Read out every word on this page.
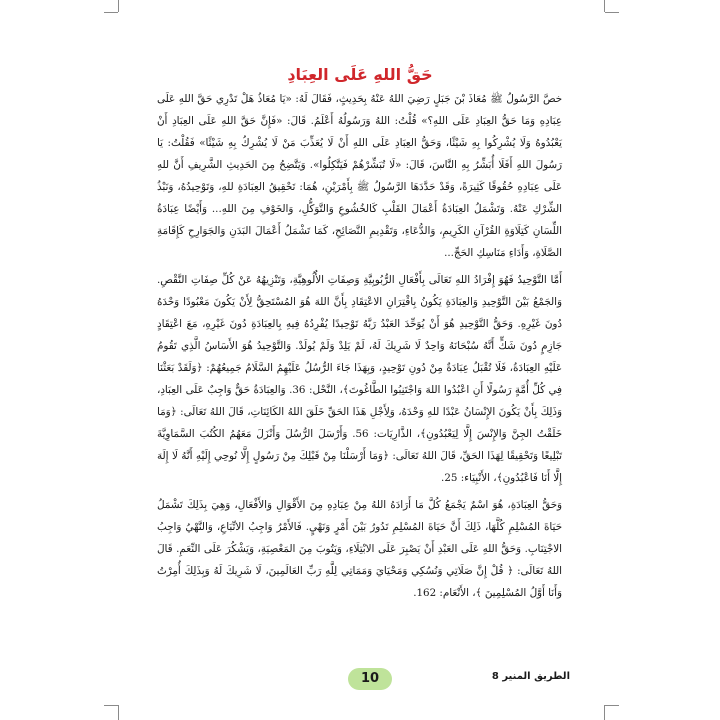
حَقُّ اللهِ عَلَى العِبَادِ

خصَّ الرَّسُولُ ﷺ مُعَاذَ بْنَ جَبَلٍ رَضِيَ اللهُ عَنْهُ بِحَدِيثٍ، فَقَالَ لَهُ: «يَا مُعَاذُ هَلْ تَدْرِي حَقَّ اللهِ عَلَى عِبَادِهِ وَمَا حَقُّ العِبَادِ عَلَى اللهِ؟» قُلْتُ: اللهُ وَرَسُولُهُ أَعْلَمُ. قَالَ: «فَإِنَّ حَقَّ اللهِ عَلَى العِبَادِ أَنْ يَعْبُدُوهُ وَلَا يُشْرِكُوا بِهِ شَيْئًا، وَحَقُّ العِبَادِ عَلَى اللهِ أَنْ لَا يُعَذِّبَ مَنْ لَا يُشْرِكُ بِهِ شَيْئًا» فَقُلْتُ: يَا رَسُولَ اللهِ أَفَلَا أُبَشِّرُ بِهِ النَّاسَ، قَالَ: «لَا تُبَشِّرْهُمْ فَيَتَّكِلُوا». وَيَتَّضِحُ مِنَ الحَدِيثِ الشَّرِيفِ أَنَّ للهِ عَلَى عِبَادِهِ حُقُوقًا كَثِيرَةً، وَقَدْ حَدَّدَهَا الرَّسُولُ ﷺ بِأَمْرَيْنِ، هُمَا: تَحْقِيقُ العِبَادَةِ للهِ، وَتَوْحِيدُهُ، وَنَبْذُ الشِّرْكِ عَنْهُ. وَتَشْمَلُ العِبَادَةُ أَعْمَالَ القَلْبِ كَالخُشُوعِ وَالتَّوَكُّلِ، وَالخَوْفِ مِنَ اللهِ... وَأَيْضًا عِبَادَةُ اللِّسَانِ كَتِلَاوَةِ القُرْآنِ الكَرِيمِ، وَالدُّعَاءِ، وَتَقْدِيمِ النَّصَائِحِ، كَمَا تَشْمَلُ أَعْمَالَ البَدَنِ وَالجَوَارِحِ كَإِقَامَةِ الصَّلَاةِ، وَأَدَاءِ مَنَاسِكِ الحَجِّ...

أَمَّا التَّوْحِيدُ فَهُوَ إِفْرَادُ اللهِ تَعَالَى بِأَفْعَالِ الرُّبُوبِيَّةِ وَصِفَاتِ الأُلُوهِيَّةِ، وَتَنْزِيهُهُ عَنْ كُلِّ صِفَاتِ النَّقْصِ. وَالجَمْعُ بَيْنَ التَّوْحِيدِ وَالعِبَادَةِ يَكُونُ بِاقْتِرَانِ الاعْتِقَادِ بِأَنَّ اللهَ هُوَ المُسْتَحِقُّ لِأَنْ يَكُونَ مَعْبُودًا وَحْدَهُ دُونَ غَيْرِهِ. وَحَقُّ التَّوْحِيدِ هُوَ أَنْ يُوَحِّدَ العَبْدُ رَبَّهُ تَوْحِيدًا يُفْرِدُهُ فِيهِ بِالعِبَادَةِ دُونَ غَيْرِهِ، مَعَ اعْتِقَادٍ جَازِمٍ دُونَ شَكٍّ أَنَّهُ سُبْحَانَهُ وَاحِدٌ لَا شَرِيكَ لَهُ، لَمْ يَلِدْ وَلَمْ يُولَدْ. وَالتَّوْحِيدُ هُوَ الأَسَاسُ الَّذِي تَقُومُ عَلَيْهِ العِبَادَةُ، فَلَا تُقْبَلُ عِبَادَةٌ مِنْ دُونِ تَوْحِيدٍ، وَبِهَذَا جَاءَ الرُّسُلُ عَلَيْهِمُ السَّلَامُ جَمِيعُهُمْ: ﴿وَلَقَدْ بَعَثْنَا فِي كُلِّ أُمَّةٍ رَسُولًا أَنِ اعْبُدُوا اللهَ وَاجْتَنِبُوا الطَّاغُوتَ﴾، النَّحْل: 36. وَالعِبَادَةُ حَقٌّ وَاجِبٌ عَلَى العِبَادِ، وَذَلِكَ بِأَنْ يَكُونَ الإِنْسَانُ عَبْدًا للهِ وَحْدَهُ، وَلِأَجْلِ هَذَا الحَقِّ خَلَقَ اللهُ الكَائِنَاتِ، قَالَ اللهُ تَعَالَى: ﴿وَمَا خَلَقْتُ الجِنَّ وَالإِنْسَ إِلَّا لِيَعْبُدُونِ﴾، الذَّارِيَات: 56. وَأَرْسَلَ الرُّسُلَ وَأَنْزَلَ مَعَهُمُ الكُتُبَ السَّمَاوِيَّةَ تَبْلِيغًا وَتَحْقِيقًا لِهَذَا الحَقِّ، قَالَ اللهُ تَعَالَى: ﴿وَمَا أَرْسَلْنَا مِنْ قَبْلِكَ مِنْ رَسُولٍ إِلَّا نُوحِي إِلَيْهِ أَنَّهُ لَا إِلَهَ إِلَّا أَنَا فَاعْبُدُونِ﴾، الأَنْبِيَاء: 25.

وَحَقُّ العِبَادَةِ، هُوَ اسْمٌ يَجْمَعُ كُلَّ مَا أَرَادَهُ اللهُ مِنْ عِبَادِهِ مِنَ الأَقْوَالِ وَالأَفْعَالِ، وَهِيَ بِذَلِكَ تَشْمَلُ حَيَاةَ المُسْلِمِ كُلَّهَا، ذَلِكَ أَنَّ حَيَاةَ المُسْلِمِ تَدُورُ بَيْنَ أَمْرٍ وَنَهْيٍ. فَالأَمْرُ وَاجِبُ الاتِّبَاعِ، وَالنَّهْيُ وَاجِبُ الاجْتِنَابِ. وَحَقُّ اللهِ عَلَى العَبْدِ أَنْ يَصْبِرَ عَلَى الابْتِلَاءِ، وَيَتُوبَ مِنَ المَعْصِيَةِ، وَيَشْكُرَ عَلَى النِّعَمِ. قَالَ اللهُ تَعَالَى: ﴿ قُلْ إِنَّ صَلَاتِي وَنُسُكِي وَمَحْيَايَ وَمَمَاتِي لِلَّهِ رَبِّ العَالَمِينَ، لَا شَرِيكَ لَهُ وَبِذَلِكَ أُمِرْتُ وَأَنَا أَوَّلُ المُسْلِمِينَ ﴾، الأَنْعَام: 162.

10	الطريق المنير 8
